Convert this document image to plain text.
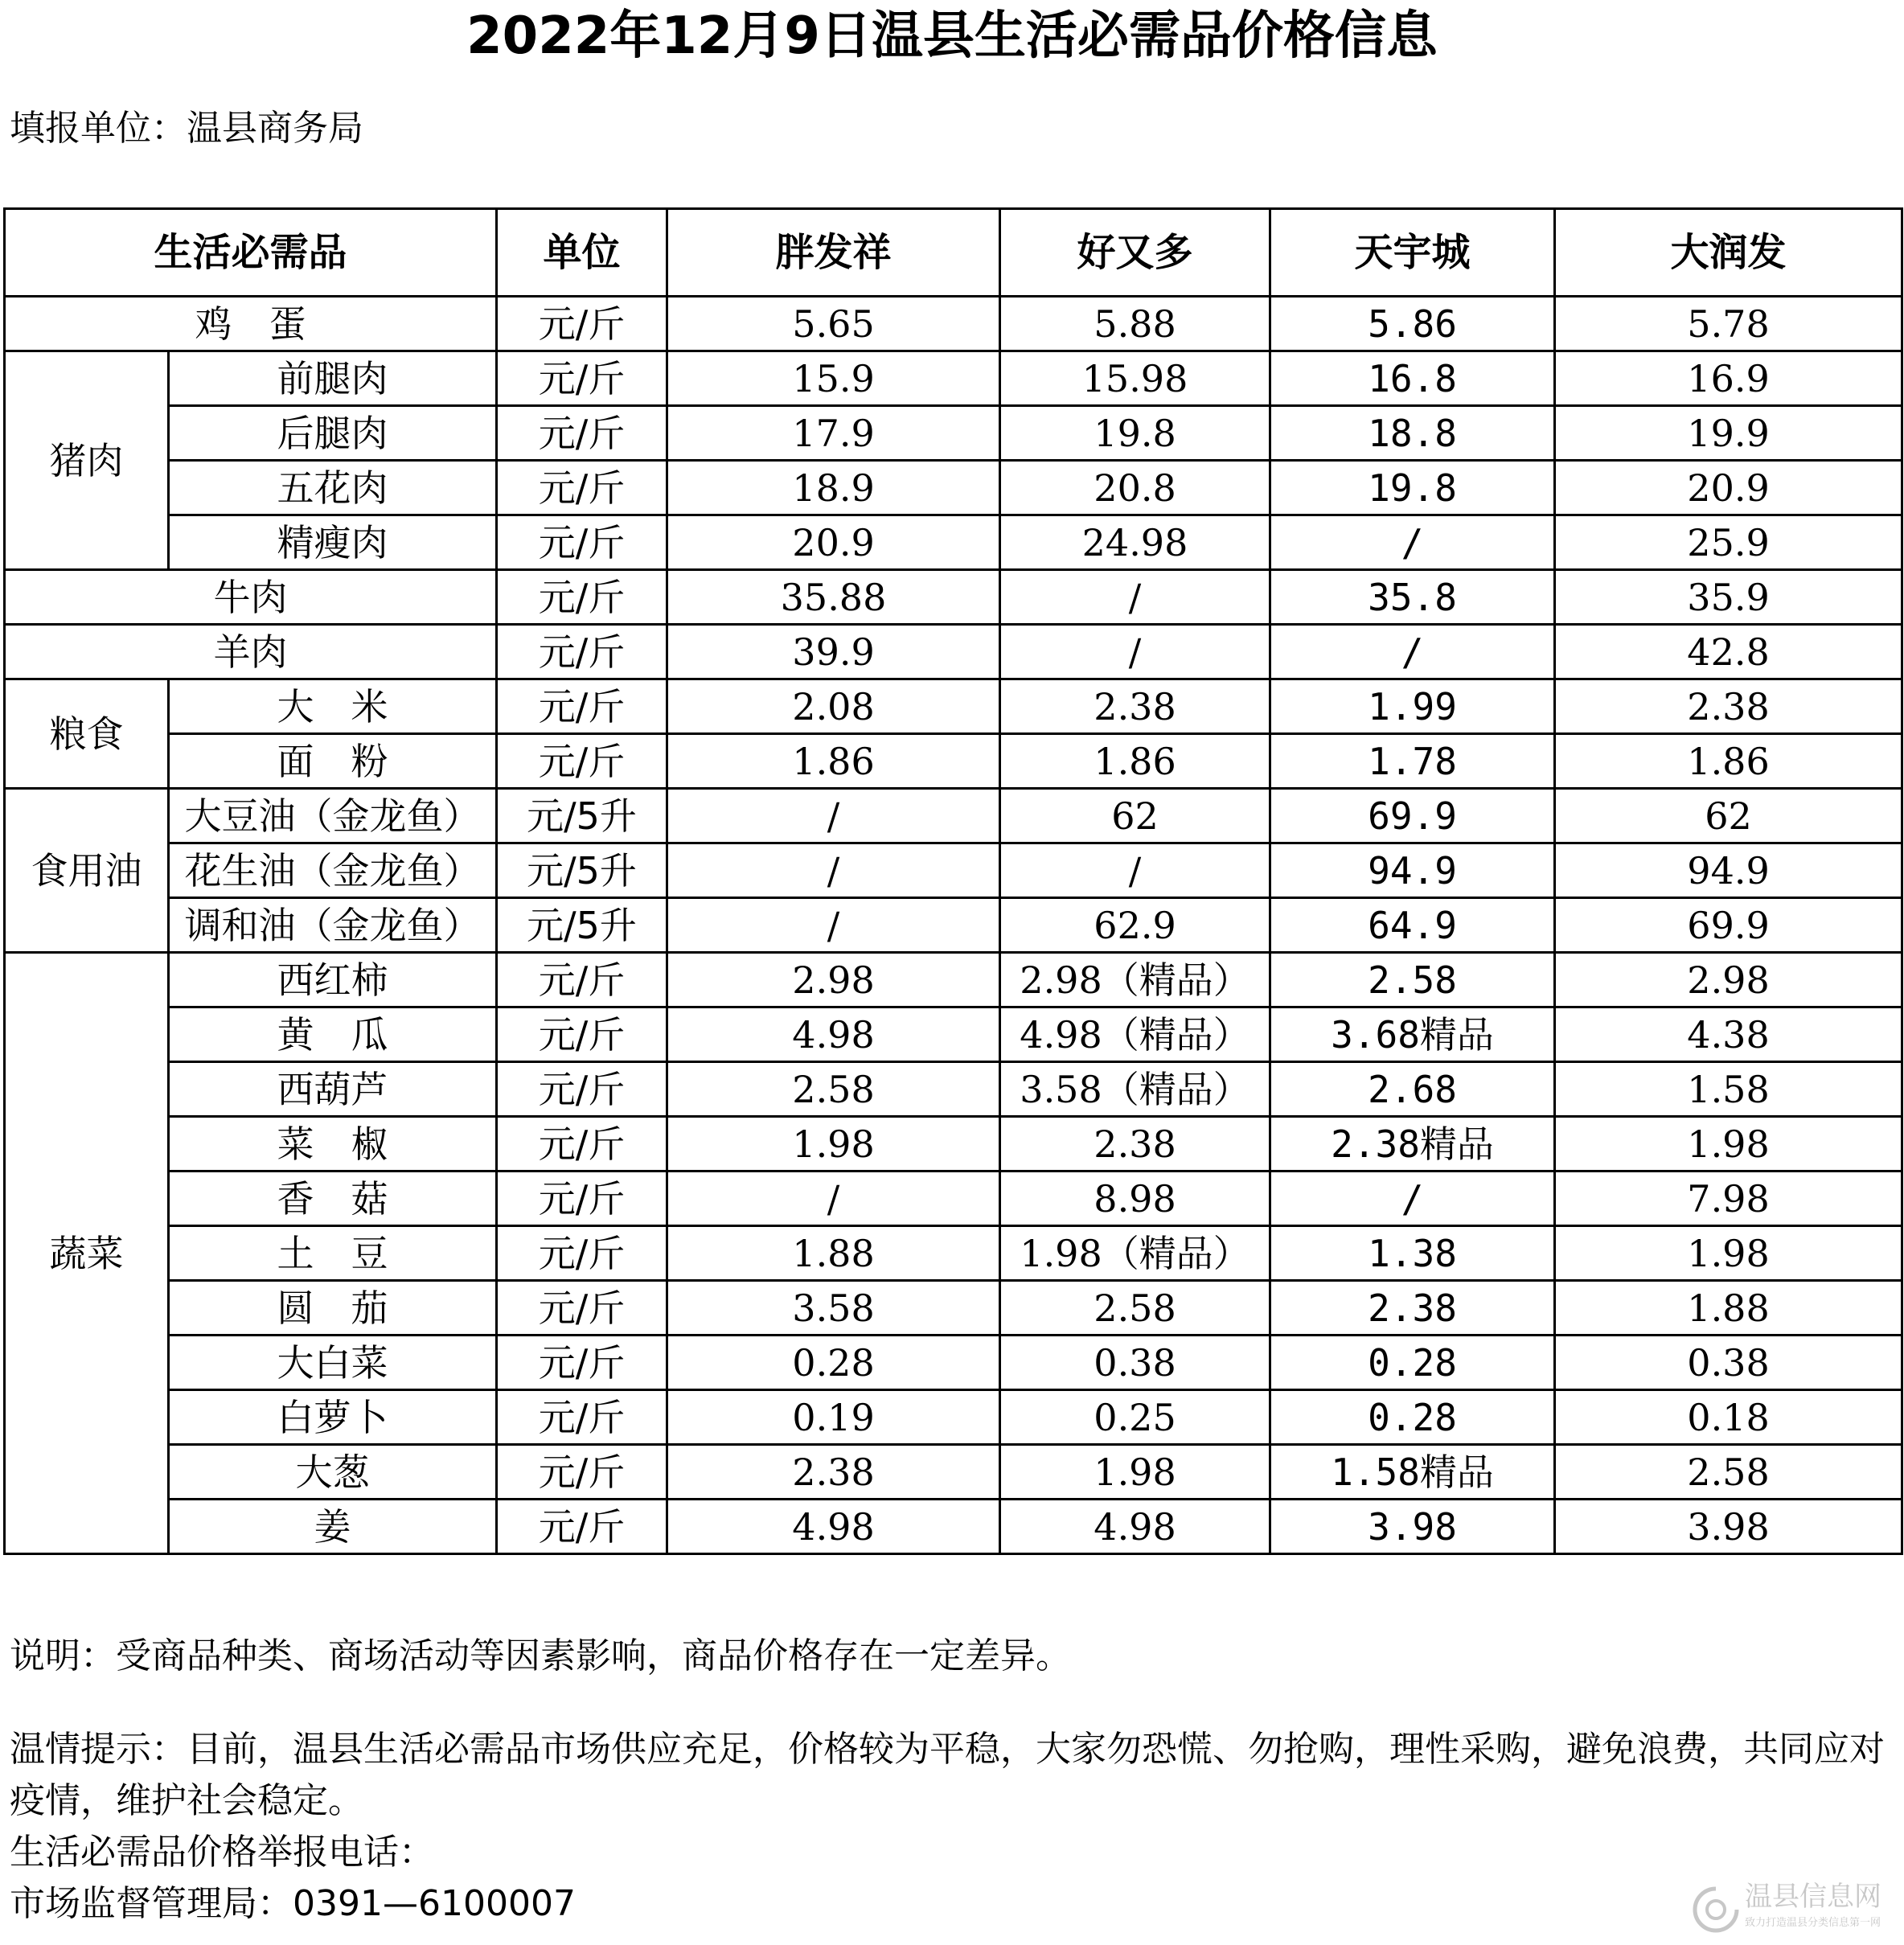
2022年12月9日温县生活必需品价格信息
填报单位：温县商务局
生活必需品		单位	胖发祥	好又多	天宇城	大润发
鸡　蛋		元/斤	5.65	5.88	5.86	5.78
猪肉	前腿肉	元/斤	15.9	15.98	16.8	16.9
	后腿肉	元/斤	17.9	19.8	18.8	19.9
	五花肉	元/斤	18.9	20.8	19.8	20.9
	精瘦肉	元/斤	20.9	24.98	/	25.9
牛肉		元/斤	35.88	/	35.8	35.9
羊肉		元/斤	39.9	/	/	42.8
粮食	大　米	元/斤	2.08	2.38	1.99	2.38
	面　粉	元/斤	1.86	1.86	1.78	1.86
食用油	大豆油（金龙鱼）	元/5升	/	62	69.9	62
	花生油（金龙鱼）	元/5升	/	/	94.9	94.9
	调和油（金龙鱼）	元/5升	/	62.9	64.9	69.9
蔬菜	西红柿	元/斤	2.98	2.98（精品）	2.58	2.98
	黄　瓜	元/斤	4.98	4.98（精品）	3.68精品	4.38
	西葫芦	元/斤	2.58	3.58（精品）	2.68	1.58
	菜　椒	元/斤	1.98	2.38	2.38精品	1.98
	香　菇	元/斤	/	8.98	/	7.98
	土　豆	元/斤	1.88	1.98（精品）	1.38	1.98
	圆　茄	元/斤	3.58	2.58	2.38	1.88
	大白菜	元/斤	0.28	0.38	0.28	0.38
	白萝卜	元/斤	0.19	0.25	0.28	0.18
	大葱	元/斤	2.38	1.98	1.58精品	2.58
	姜	元/斤	4.98	4.98	3.98	3.98

说明：受商品种类、商场活动等因素影响，商品价格存在一定差异。

温情提示：目前，温县生活必需品市场供应充足，价格较为平稳，大家勿恐慌、勿抢购，理性采购，避免浪费，共同应对疫情，维护社会稳定。

生活必需品价格举报电话：

市场监督管理局：0391—6100007	温县信息网
致力打造温县分类信息第一网
